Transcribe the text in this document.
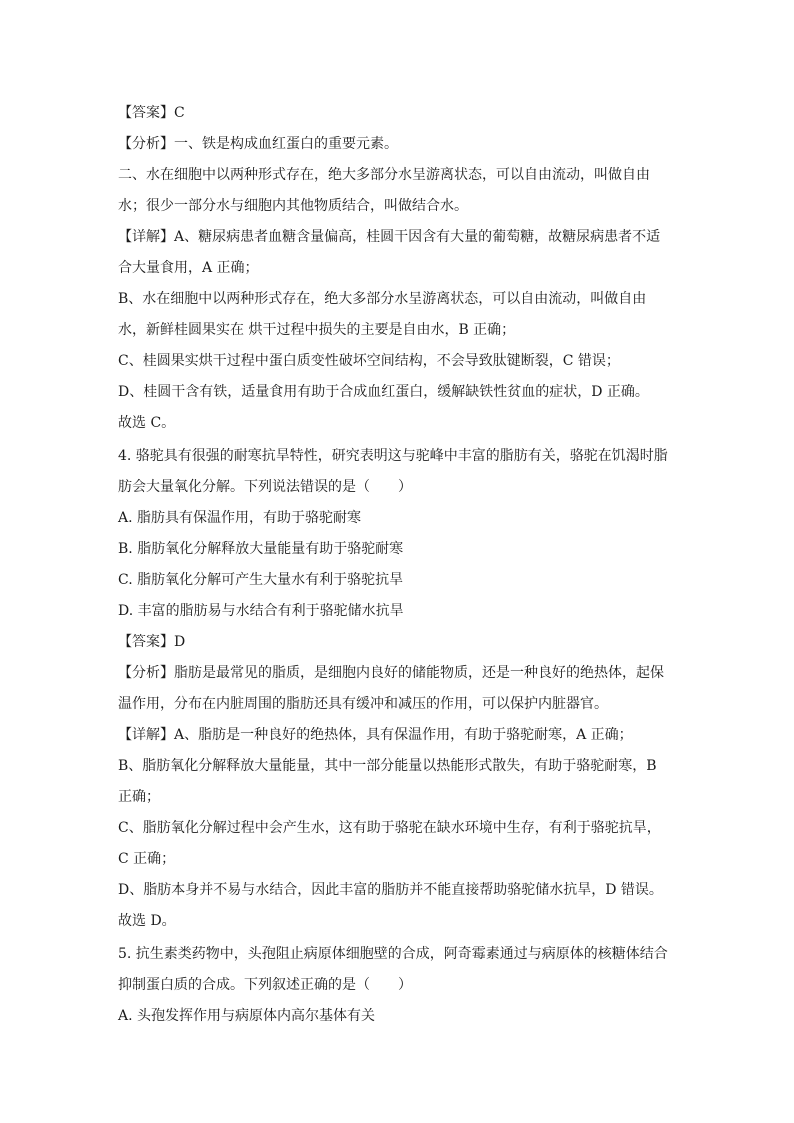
【答案】C
【分析】一、铁是构成血红蛋白的重要元素。
二、水在细胞中以两种形式存在，绝大多部分水呈游离状态，可以自由流动，叫做自由
水；很少一部分水与细胞内其他物质结合，叫做结合水。
【详解】A、糖尿病患者血糖含量偏高，桂圆干因含有大量的葡萄糖，故糖尿病患者不适
合大量食用，A 正确；
B、水在细胞中以两种形式存在，绝大多部分水呈游离状态，可以自由流动，叫做自由
水，新鲜桂圆果实在 烘干过程中损失的主要是自由水，B 正确；
C、桂圆果实烘干过程中蛋白质变性破坏空间结构，不会导致肽键断裂，C 错误；
D、桂圆干含有铁，适量食用有助于合成血红蛋白，缓解缺铁性贫血的症状，D 正确。
故选 C。
4. 骆驼具有很强的耐寒抗旱特性，研究表明这与驼峰中丰富的脂肪有关，骆驼在饥渴时脂
肪会大量氧化分解。下列说法错误的是（　　）
A. 脂肪具有保温作用，有助于骆驼耐寒
B. 脂肪氧化分解释放大量能量有助于骆驼耐寒
C. 脂肪氧化分解可产生大量水有利于骆驼抗旱
D. 丰富的脂肪易与水结合有利于骆驼储水抗旱
【答案】D
【分析】脂肪是最常见的脂质，是细胞内良好的储能物质，还是一种良好的绝热体，起保
温作用，分布在内脏周围的脂肪还具有缓冲和减压的作用，可以保护内脏器官。
【详解】A、脂肪是一种良好的绝热体，具有保温作用，有助于骆驼耐寒，A 正确；
B、脂肪氧化分解释放大量能量，其中一部分能量以热能形式散失，有助于骆驼耐寒，B
正确；
C、脂肪氧化分解过程中会产生水，这有助于骆驼在缺水环境中生存，有利于骆驼抗旱，
C 正确；
D、脂肪本身并不易与水结合，因此丰富的脂肪并不能直接帮助骆驼储水抗旱，D 错误。
故选 D。
5. 抗生素类药物中，头孢阻止病原体细胞壁的合成，阿奇霉素通过与病原体的核糖体结合
抑制蛋白质的合成。下列叙述正确的是（　　）
A. 头孢发挥作用与病原体内高尔基体有关
